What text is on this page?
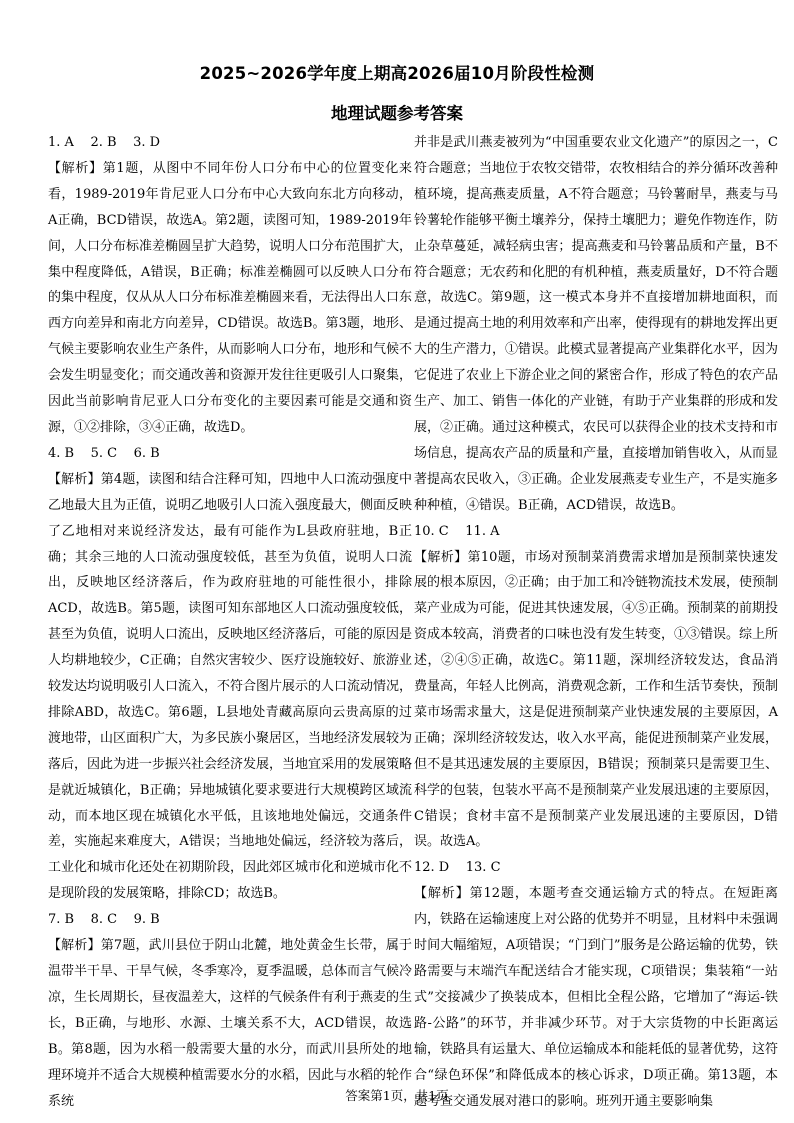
2025~2026学年度上期高2026届10月阶段性检测
地理试题参考答案

1. A    2. B    3. D

【解析】第1题，从图中不同年份人口分布中心的位置变化来看，1989-2019年肯尼亚人口分布中心大致向东北方向移动，A正确，BCD错误，故选A。第2题，读图可知，1989-2019年间，人口分布标准差椭圆呈扩大趋势，说明人口分布范围扩大，集中程度降低，A错误，B正确；标准差椭圆可以反映人口分布的集中程度，仅从从人口分布标准差椭圆来看，无法得出人口东西方向差异和南北方向差异，CD错误。故选B。第3题，地形、气候主要影响农业生产条件，从而影响人口分布，地形和气候不会发生明显变化；而交通改善和资源开发往往更吸引人口聚集，因此当前影响肯尼亚人口分布变化的主要因素可能是交通和资源，①②排除，③④正确，故选D。

4. B    5. C    6. B

【解析】第4题，读图和结合注释可知，四地中人口流动强度中乙地最大且为正值，说明乙地吸引人口流入强度最大，侧面反映了乙地相对来说经济发达，最有可能作为L县政府驻地，B正确；其余三地的人口流动强度较低，甚至为负值，说明人口流出，反映地区经济落后，作为政府驻地的可能性很小，排除ACD，故选B。第5题，读图可知东部地区人口流动强度较低，甚至为负值，说明人口流出，反映地区经济落后，可能的原因是人均耕地较少，C正确；自然灾害较少、医疗设施较好、旅游业较发达均说明吸引人口流入，不符合图片展示的人口流动情况，排除ABD，故选C。第6题，L县地处青藏高原向云贵高原的过渡地带，山区面积广大，为多民族小聚居区，当地经济发展较为落后，因此为进一步振兴社会经济发展，当地宜采用的发展策略是就近城镇化，B正确；异地城镇化要求要进行大规模跨区域流动，而本地区现在城镇化水平低，且该地地处偏远，交通条件差，实施起来难度大，A错误；当地地处偏远，经济较为落后，工业化和城市化还处在初期阶段，因此郊区城市化和逆城市化不是现阶段的发展策略，排除CD；故选B。

7. B    8. C    9. B

【解析】第7题，武川县位于阴山北麓，地处黄金生长带，属于温带半干旱、干旱气候，冬季寒冷，夏季温暖，总体而言气候冷凉，生长周期长，昼夜温差大，这样的气候条件有利于燕麦的生长，B正确，与地形、水源、土壤关系不大，ACD错误，故选B。第8题，因为水稻一般需要大量的水分，而武川县所处的地理环境并不适合大规模种植需要水分的水稻，因此与水稻的轮作系统

并非是武川燕麦被列为“中国重要农业文化遗产”的原因之一，C符合题意；当地位于农牧交错带，农牧相结合的养分循环改善种植环境，提高燕麦质量，A不符合题意；马铃薯耐旱，燕麦与马铃薯轮作能够平衡土壤养分，保持土壤肥力；避免作物连作，防止杂草蔓延，减轻病虫害；提高燕麦和马铃薯品质和产量，B不符合题意；无农药和化肥的有机种植，燕麦质量好，D不符合题意，故选C。第9题，这一模式本身并不直接增加耕地面积，而是通过提高土地的利用效率和产出率，使得现有的耕地发挥出更大的生产潜力，①错误。此模式显著提高产业集群化水平，因为它促进了农业上下游企业之间的紧密合作，形成了特色的农产品生产、加工、销售一体化的产业链，有助于产业集群的形成和发展，②正确。通过这种模式，农民可以获得企业的技术支持和市场信息，提高农产品的质量和产量，直接增加销售收入，从而显著提高农民收入，③正确。企业发展燕麦专业生产，不是实施多种种植，④错误。B正确，ACD错误，故选B。

10. C    11. A

【解析】第10题，市场对预制菜消费需求增加是预制菜快速发展的根本原因，②正确；由于加工和冷链物流技术发展，使预制菜产业成为可能，促进其快速发展，④⑤正确。预制菜的前期投资成本较高，消费者的口味也没有发生转变，①③错误。综上所述，②④⑤正确，故选C。第11题，深圳经济较发达，食品消费量高，年轻人比例高，消费观念新，工作和生活节奏快，预制菜市场需求量大，这是促进预制菜产业快速发展的主要原因，A正确；深圳经济较发达，收入水平高，能促进预制菜产业发展，但不是其迅速发展的主要原因，B错误；预制菜只是需要卫生、科学的包装，包装水平高不是预制菜产业发展迅速的主要原因，C错误；食材丰富不是预制菜产业发展迅速的主要原因，D错误。故选A。

12. D    13. C

【解析】第12题，本题考查交通运输方式的特点。在短距离内，铁路在运输速度上对公路的优势并不明显，且材料中未强调时间大幅缩短，A项错误；“门到门”服务是公路运输的优势，铁路需要与末端汽车配送结合才能实现，C项错误；集装箱“一站式”交接减少了换装成本，但相比全程公路，它增加了“海运-铁路-公路”的环节，并非减少环节。对于大宗货物的中长距离运输，铁路具有运量大、单位运输成本和能耗低的显著优势，这符合“绿色环保”和降低成本的核心诉求，D项正确。第13题，本题考查交通发展对港口的影响。班列开通主要影响集

答案第1页，共1页
